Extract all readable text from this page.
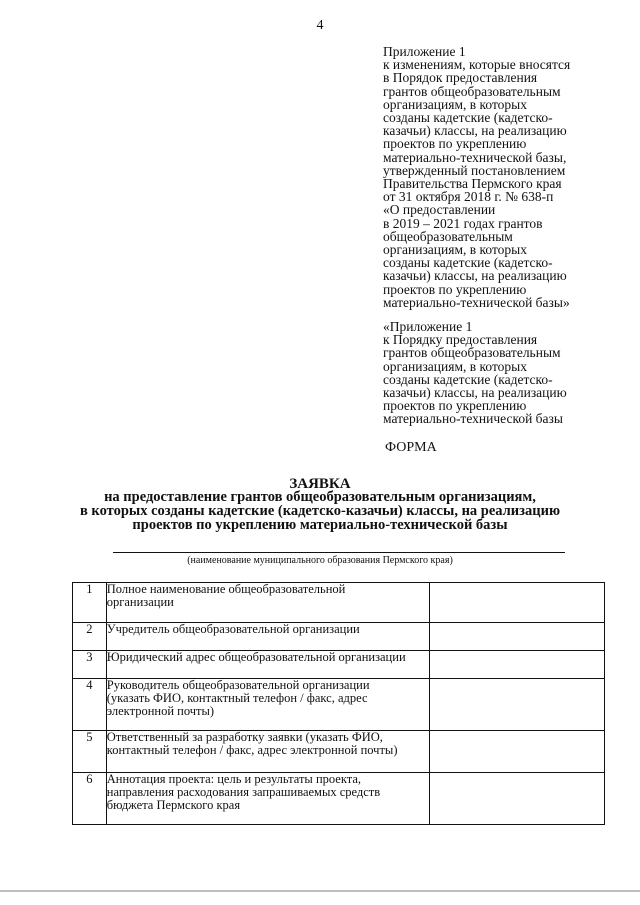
4
Приложение 1
к изменениям, которые вносятся
в Порядок предоставления
грантов общеобразовательным
организациям, в которых
созданы кадетские (кадетско-
казачьи) классы, на реализацию
проектов по укреплению
материально-технической базы,
утвержденный постановлением
Правительства Пермского края
от 31 октября 2018 г. № 638-п
«О предоставлении
в 2019 – 2021 годах грантов
общеобразовательным
организациям, в которых
созданы кадетские (кадетско-
казачьи) классы, на реализацию
проектов по укреплению
материально-технической базы»
«Приложение 1
к Порядку предоставления
грантов общеобразовательным
организациям, в которых
созданы кадетские (кадетско-
казачьи) классы, на реализацию
проектов по укреплению
материально-технической базы
ФОРМА
ЗАЯВКА
на предоставление грантов общеобразовательным организациям,
в которых созданы кадетские (кадетско-казачьи) классы, на реализацию
проектов по укреплению материально-технической базы
(наименование муниципального образования Пермского края)
1	Полное наименование общеобразовательной
организации	

2	Учредитель общеобразовательной организации	

3	Юридический адрес общеобразовательной организации	

4	Руководитель общеобразовательной организации
(указать ФИО, контактный телефон / факс, адрес
электронной почты)	

5	Ответственный за разработку заявки (указать ФИО,
контактный телефон / факс, адрес электронной почты)	

6	Аннотация проекта: цель и результаты проекта,
направления расходования запрашиваемых средств
бюджета Пермского края	
